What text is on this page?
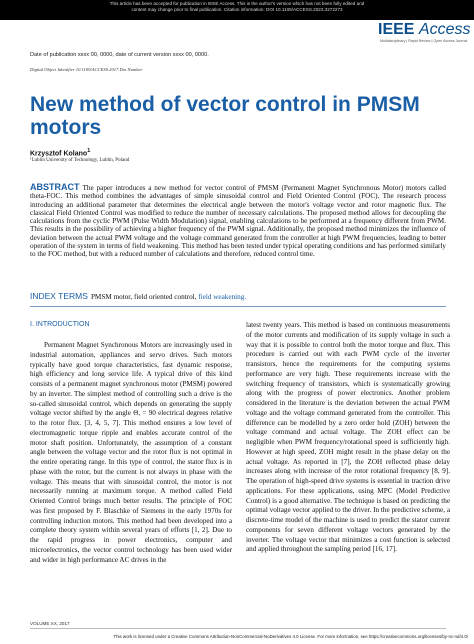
This article has been accepted for publication in IEEE Access. This is the author's version which has not been fully edited and
content may change prior to final publication. Citation information: DOI 10.1109/ACCESS.2023.3272273
IEEE Access
Multidisciplinary | Rapid Review | Open Access Journal
Date of publication xxxx 00, 0000, date of current version xxxx 00, 0000.
Digital Object Identifier 10.1109/ACCESS.2017.Doi Number
New method of vector control in PMSM motors
Krzysztof Kolano$^1$
¹Lublin University of Technology, Lublin, Poland
ABSTRACT The paper introduces a new method for vector control of PMSM (Permanent Magnet Synchronous Motor) motors called theta-FOC. This method combines the advantages of simple sinusoidal control and Field Oriented Control (FOC). The research process introducing an additional parameter that determines the electrical angle between the motor's voltage vector and rotor magnetic flux. The classical Field Oriented Control was modified to reduce the number of necessary calculations. The proposed method allows for decoupling the calculations from the cyclic PWM (Pulse Width Modulation) signal, enabling calculations to be performed at a frequency different from PWM. This results in the possibility of achieving a higher frequency of the PWM signal. Additionally, the proposed method minimizes the influence of deviation between the actual PWM voltage and the voltage command generated from the controller at high PWM frequencies, leading to better operation of the system in terms of field weakening. This method has been tested under typical operating conditions and has performed similarly to the FOC method, but with a reduced number of calculations and therefore, reduced control time.
INDEX TERMS PMSM motor, field oriented control, field weakening.
I. INTRODUCTION

Permanent Magnet Synchronous Motors are increasingly used in industrial automation, appliances and servo drives. Such motors typically have good torque characteristics, fast dynamic response, high efficiency and long service life. A typical drive of this kind consists of a permanent magnet synchronous motor (PMSM) powered by an inverter. The simplest method of controlling such a drive is the so-called sinusoidal control, which depends on generating the supply voltage vector shifted by the angle Θ, = 90 electrical degrees relative to the rotor flux. [3, 4, 5, 7]. This method ensures a low level of electromagnetic torque ripple and enables accurate control of the motor shaft position. Unfortunately, the assumption of a constant angle between the voltage vector and the rotor flux is not optimal in the entire operating range. In this type of control, the stator flux is in phase with the rotor, but the current is not always in phase with the voltage. This means that with sinusoidal control, the motor is not necessarily running at maximum torque. A method called Field Oriented Control brings much better results. The principle of FOC was first proposed by F. Blaschke of Siemens in the early 1970s for controlling induction motors. This method had been developed into a complete theory system within several years of efforts [1, 2]. Due to the rapid progress in power electronics, computer and microelectronics, the vector control technology has been used wider and wider in high performance AC drives in the

latest twenty years. This method is based on continuous measurements of the motor currents and modification of its supply voltage in such a way that it is possible to control both the motor torque and flux. This procedure is carried out with each PWM cycle of the inverter transistors, hence the requirements for the computing systems performance are very high. These requirements increase with the switching frequency of transistors, which is systematically growing along with the progress of power electronics. Another problem considered in the literature is the deviation between the actual PWM voltage and the voltage command generated from the controller. This difference can be modelled by a zero order hold (ZOH) between the voltage command and actual voltage. The ZOH effect can be negligible when PWM frequency/rotational speed is sufficiently high. However at high speed, ZOH might result in the phase delay on the actual voltage. As reported in [7], the ZOH reflected phase delay increases along with increase of the rotor rotational frequency [8, 9]. The operation of high-speed drive systems is essential in traction drive applications. For these applications, using MPC (Model Predictive Control) is a good alternative. The technique is based on predicting the optimal voltage vector applied to the driver. In the predictive scheme, a discrete-time model of the machine is used to predict the stator current components for seven different voltage vectors generated by the inverter. The voltage vector that minimizes a cost function is selected and applied throughout the sampling period [16, 17].

VOLUME XX, 2017
This work is licensed under a Creative Commons Attribution-NonCommercial-NoDerivatives 4.0 License. For more information, see https://creativecommons.org/licenses/by-nc-nd/4.0/
